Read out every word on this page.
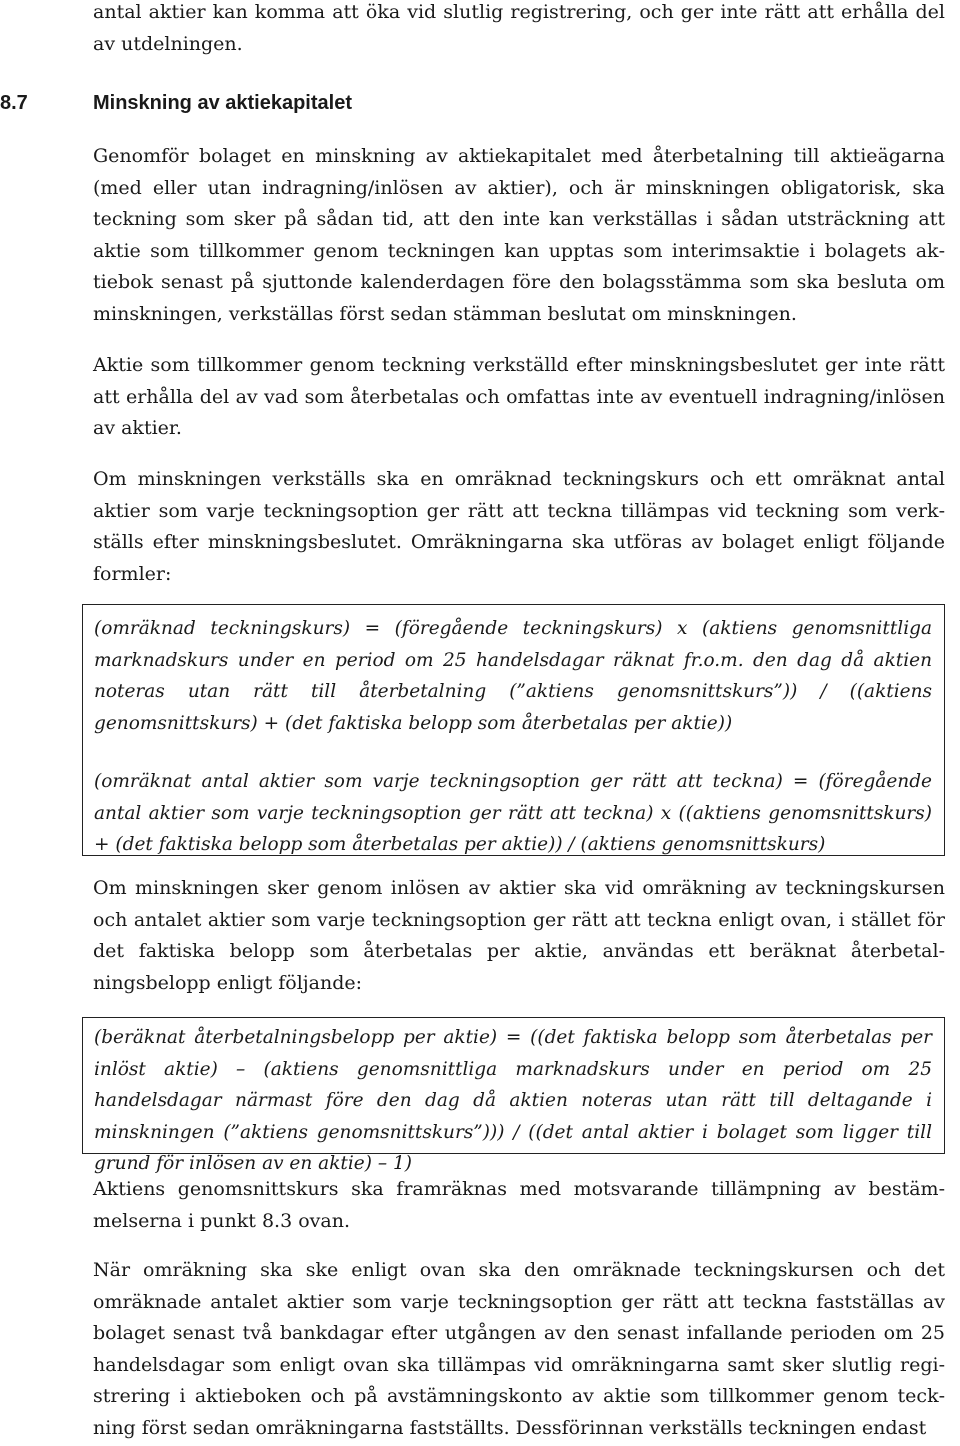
antal aktier kan komma att öka vid slutlig registrering, och ger inte rätt att erhålla del av utdelningen.

8.7	Minskning av aktiekapitalet

Genomför bolaget en minskning av aktiekapitalet med återbetalning till aktieägarna (med eller utan indragning/inlösen av aktier), och är minskningen obligatorisk, ska teckning som sker på sådan tid, att den inte kan verkställas i sådan utsträckning att aktie som tillkommer genom teckningen kan upptas som interimsaktie i bolagets aktiebok senast på sjuttonde kalenderdagen före den bolagsstämma som ska besluta om minskningen, verkställas först sedan stämman beslutat om minskningen.

Aktie som tillkommer genom teckning verkställd efter minskningsbeslutet ger inte rätt att erhålla del av vad som återbetalas och omfattas inte av eventuell indragning/inlösen av aktier.

Om minskningen verkställs ska en omräknad teckningskurs och ett omräknat antal aktier som varje teckningsoption ger rätt att teckna tillämpas vid teckning som verkställs efter minskningsbeslutet. Omräkningarna ska utföras av bolaget enligt följande formler:

(omräknad teckningskurs) = (föregående teckningskurs) x (aktiens genomsnittliga marknadskurs under en period om 25 handelsdagar räknat fr.o.m. den dag då aktien noteras utan rätt till återbetalning (”aktiens genomsnittskurs”)) / ((aktiens genomsnittskurs) + (det faktiska belopp som återbetalas per aktie))

(omräknat antal aktier som varje teckningsoption ger rätt att teckna) = (föregående antal aktier som varje teckningsoption ger rätt att teckna) x ((aktiens genomsnittskurs) + (det faktiska belopp som återbetalas per aktie)) / (aktiens genomsnittskurs)

Om minskningen sker genom inlösen av aktier ska vid omräkning av teckningskursen och antalet aktier som varje teckningsoption ger rätt att teckna enligt ovan, i stället för det faktiska belopp som återbetalas per aktie, användas ett beräknat återbetalningsbelopp enligt följande:

(beräknat återbetalningsbelopp per aktie) = ((det faktiska belopp som återbetalas per inlöst aktie) – (aktiens genomsnittliga marknadskurs under en period om 25 handelsdagar närmast före den dag då aktien noteras utan rätt till deltagande i minskningen (”aktiens genomsnittskurs”))) / ((det antal aktier i bolaget som ligger till grund för inlösen av en aktie) – 1)

Aktiens genomsnittskurs ska framräknas med motsvarande tillämpning av bestämmelserna i punkt 8.3 ovan.

När omräkning ska ske enligt ovan ska den omräknade teckningskursen och det omräknade antalet aktier som varje teckningsoption ger rätt att teckna fastställas av bolaget senast två bankdagar efter utgången av den senast infallande perioden om 25 handelsdagar som enligt ovan ska tillämpas vid omräkningarna samt sker slutlig registrering i aktieboken och på avstämningskonto av aktie som tillkommer genom teckning först sedan omräkningarna fastställts. Dessförinnan verkställs teckningen endast
